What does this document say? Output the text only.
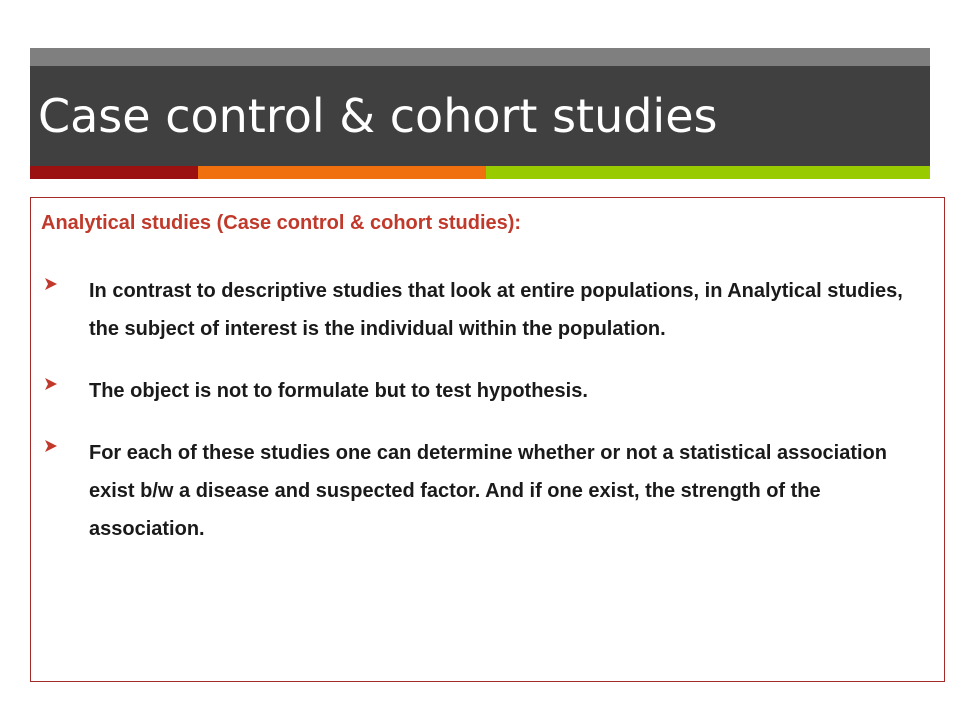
Case control & cohort studies
Analytical studies (Case control & cohort studies):
In contrast to descriptive studies that look at entire populations, in Analytical studies, the subject of interest is the individual within the population.
The object is not to formulate but to test hypothesis.
For each of these studies one can determine whether or not a statistical association exist b/w a disease and suspected factor. And if one exist, the strength of the association.
